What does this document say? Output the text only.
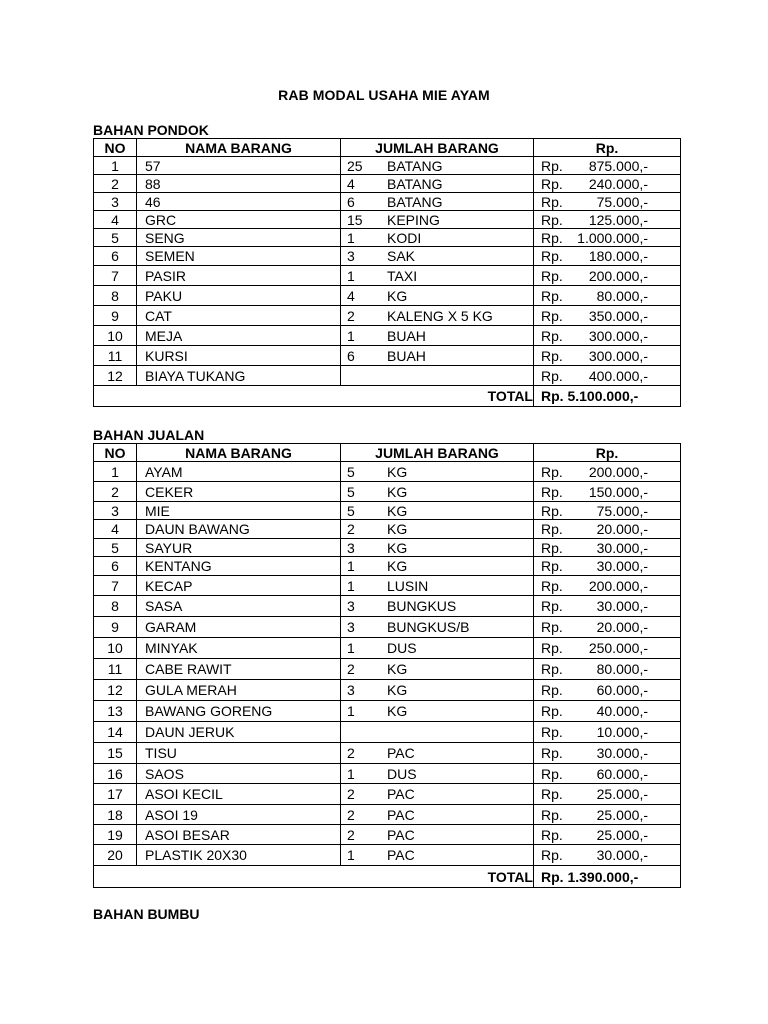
RAB MODAL USAHA MIE AYAM
BAHAN PONDOK
NO	NAMA BARANG	JUMLAH BARANG	Rp.
1	57	25 BATANG	Rp. 875.000,-

2	88	4 BATANG	Rp. 240.000,-

3	46	6 BATANG	Rp. 75.000,-

4	GRC	15 KEPING	Rp. 125.000,-

5	SENG	1 KODI	Rp. 1.000.000,-

6	SEMEN	3 SAK	Rp. 180.000,-

7	PASIR	1 TAXI	Rp. 200.000,-

8	PAKU	4 KG	Rp. 80.000,-

9	CAT	2 KALENG X 5 KG	Rp. 350.000,-

10	MEJA	1 BUAH	Rp. 300.000,-

11	KURSI	6 BUAH	Rp. 300.000,-

12	BIAYA TUKANG		Rp. 400.000,-

TOTAL			Rp. 5.100.000,-
BAHAN JUALAN
NO	NAMA BARANG	JUMLAH BARANG	Rp.
1	AYAM	5 KG	Rp. 200.000,-

2	CEKER	5 KG	Rp. 150.000,-

3	MIE	5 KG	Rp. 75.000,-

4	DAUN BAWANG	2 KG	Rp. 20.000,-

5	SAYUR	3 KG	Rp. 30.000,-

6	KENTANG	1 KG	Rp. 30.000,-

7	KECAP	1 LUSIN	Rp. 200.000,-

8	SASA	3 BUNGKUS	Rp. 30.000,-

9	GARAM	3 BUNGKUS/B	Rp. 20.000,-

10	MINYAK	1 DUS	Rp. 250.000,-

11	CABE RAWIT	2 KG	Rp. 80.000,-

12	GULA MERAH	3 KG	Rp. 60.000,-

13	BAWANG GORENG	1 KG	Rp. 40.000,-

14	DAUN JERUK		Rp. 10.000,-

15	TISU	2 PAC	Rp. 30.000,-

16	SAOS	1 DUS	Rp. 60.000,-

17	ASOI KECIL	2 PAC	Rp. 25.000,-

18	ASOI 19	2 PAC	Rp. 25.000,-

19	ASOI BESAR	2 PAC	Rp. 25.000,-

20	PLASTIK 20X30	1 PAC	Rp. 30.000,-

TOTAL			Rp. 1.390.000,-
BAHAN BUMBU
